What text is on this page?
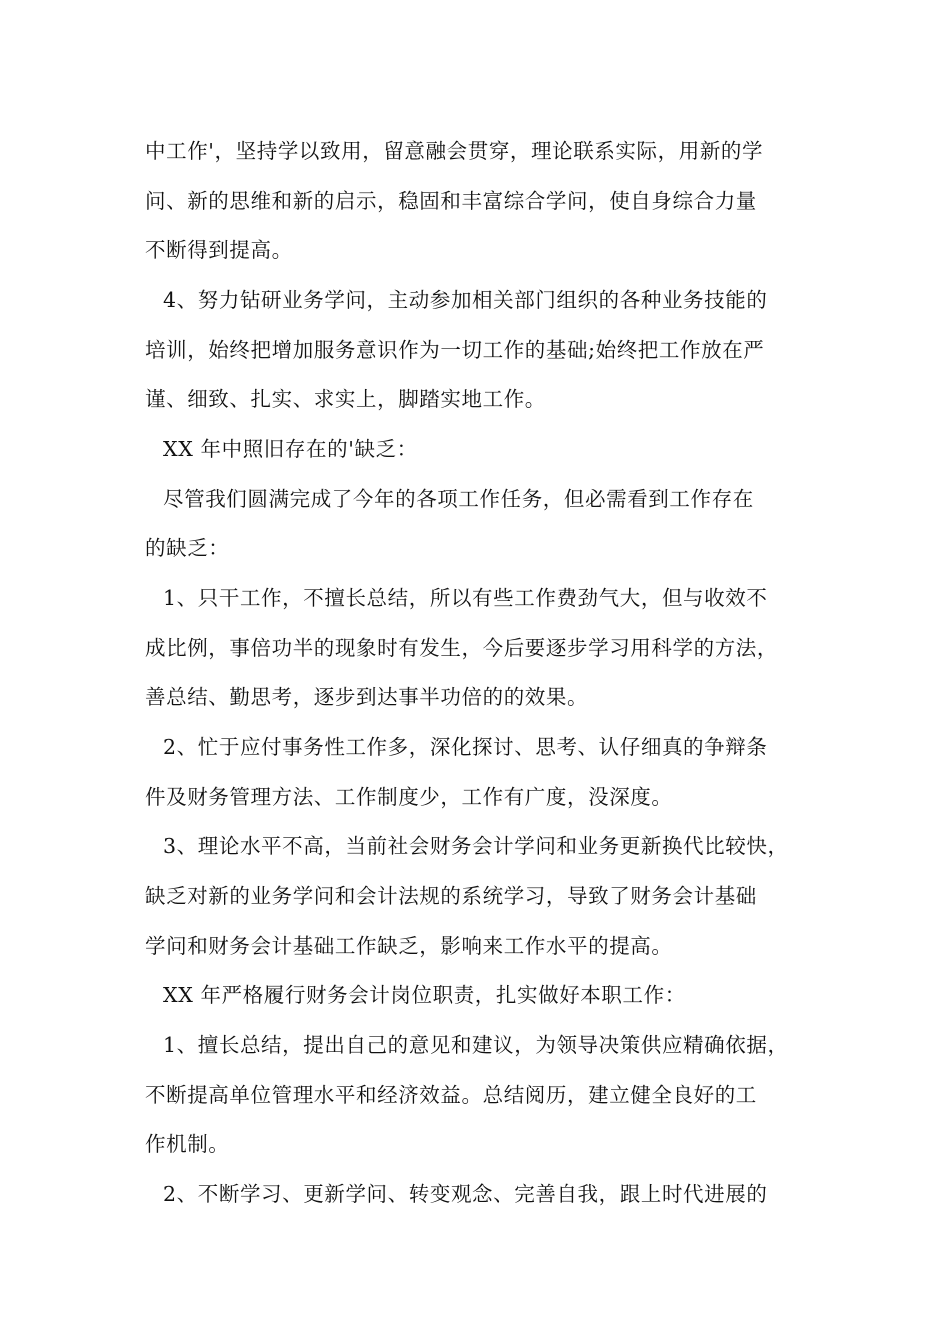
中工作'，坚持学以致用，留意融会贯穿，理论联系实际，用新的学
问、新的思维和新的启示，稳固和丰富综合学问，使自身综合力量
不断得到提高。
4、努力钻研业务学问，主动参加相关部门组织的各种业务技能的
培训，始终把增加服务意识作为一切工作的基础;始终把工作放在严
谨、细致、扎实、求实上，脚踏实地工作。
XX 年中照旧存在的'缺乏：
尽管我们圆满完成了今年的各项工作任务，但必需看到工作存在
的缺乏：
1、只干工作，不擅长总结，所以有些工作费劲气大，但与收效不
成比例，事倍功半的现象时有发生，今后要逐步学习用科学的方法，
善总结、勤思考，逐步到达事半功倍的的效果。
2、忙于应付事务性工作多，深化探讨、思考、认仔细真的争辩条
件及财务管理方法、工作制度少，工作有广度，没深度。
3、理论水平不高，当前社会财务会计学问和业务更新换代比较快，
缺乏对新的业务学问和会计法规的系统学习，导致了财务会计基础
学问和财务会计基础工作缺乏，影响来工作水平的提高。
XX 年严格履行财务会计岗位职责，扎实做好本职工作：
1、擅长总结，提出自己的意见和建议，为领导决策供应精确依据，
不断提高单位管理水平和经济效益。总结阅历，建立健全良好的工
作机制。
2、不断学习、更新学问、转变观念、完善自我，跟上时代进展的
